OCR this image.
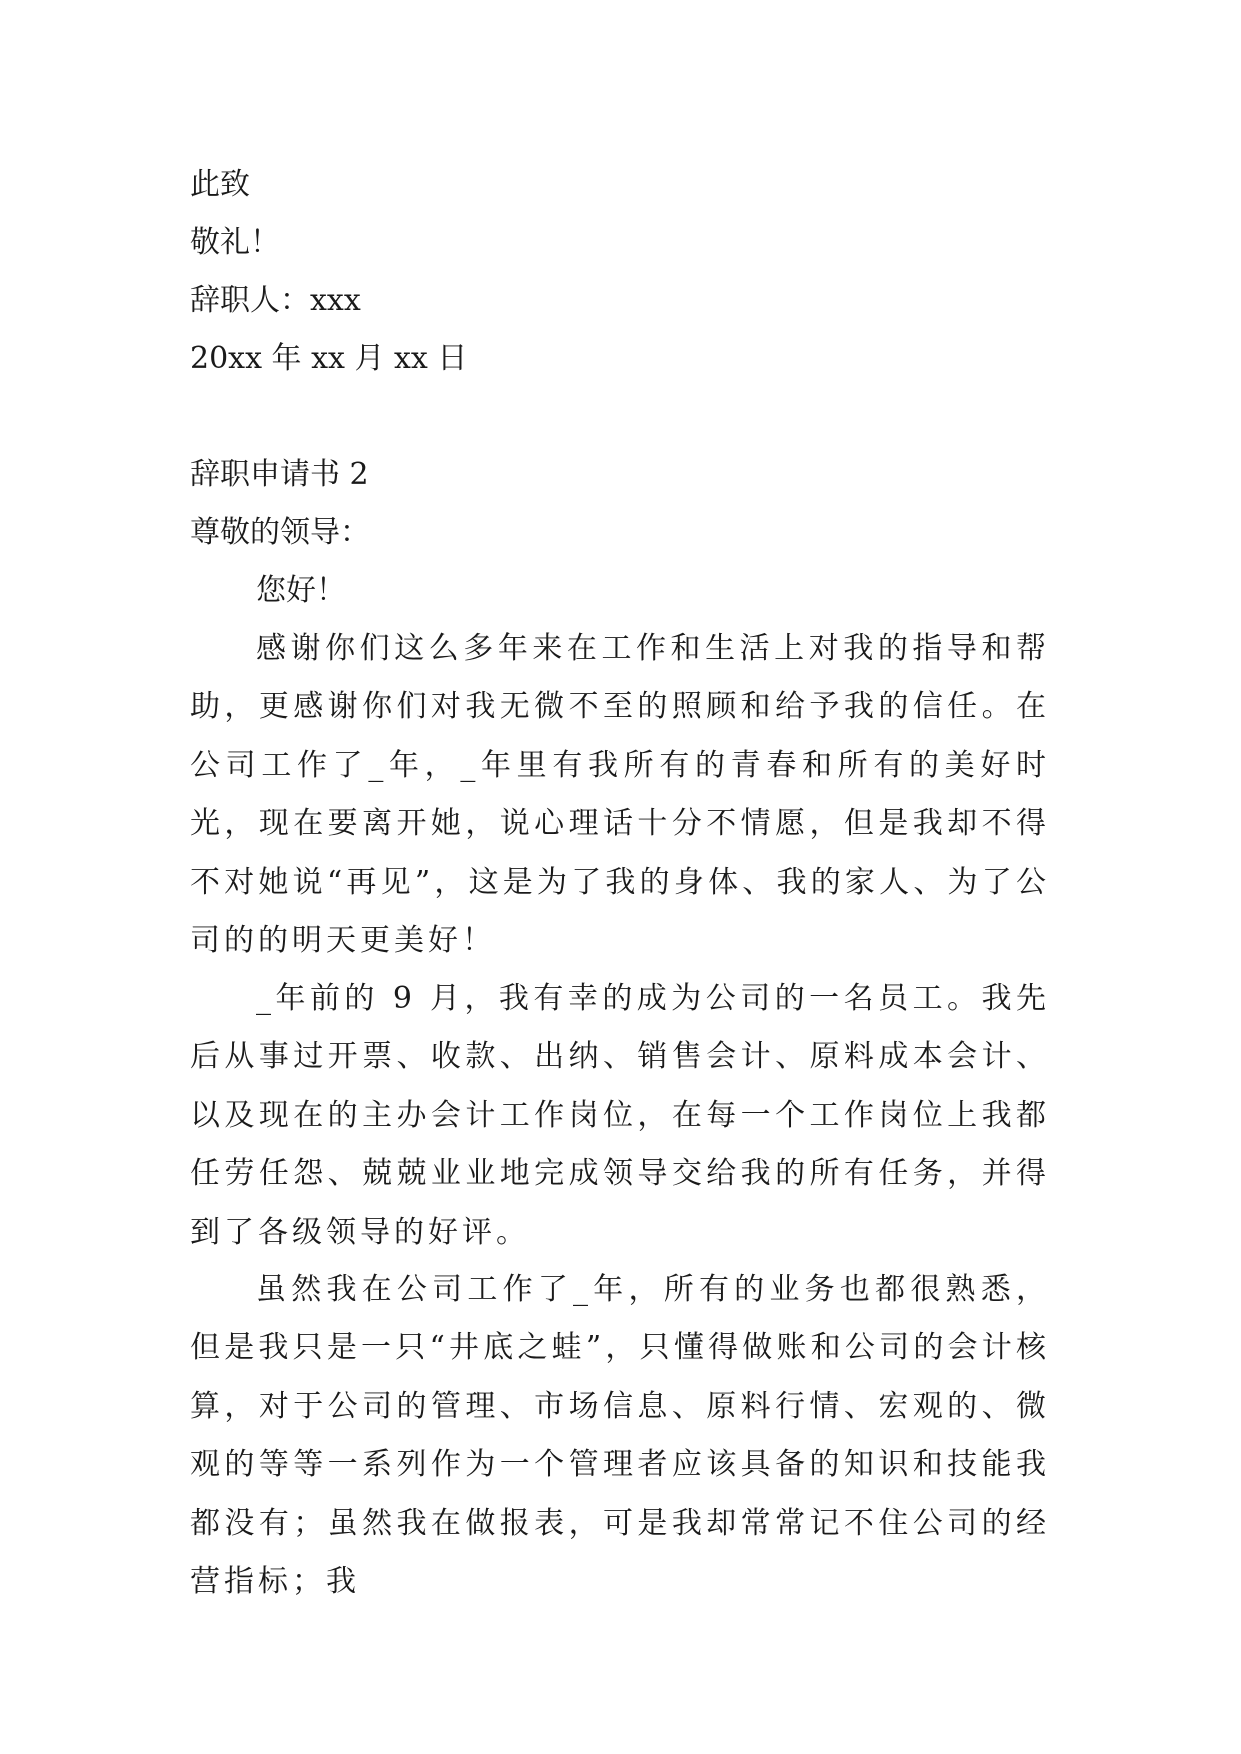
此致
敬礼！
辞职人：xxx
20xx 年 xx 月 xx 日
辞职申请书 2
尊敬的领导：
您好！
感谢你们这么多年来在工作和生活上对我的指导和帮助，更感谢你们对我无微不至的照顾和给予我的信任。在公司工作了_年，_年里有我所有的青春和所有的美好时光，现在要离开她，说心理话十分不情愿，但是我却不得不对她说“再见”，这是为了我的身体、我的家人、为了公司的的明天更美好！
_年前的 9 月，我有幸的成为公司的一名员工。我先后从事过开票、收款、出纳、销售会计、原料成本会计、以及现在的主办会计工作岗位，在每一个工作岗位上我都任劳任怨、兢兢业业地完成领导交给我的所有任务，并得到了各级领导的好评。
虽然我在公司工作了_年，所有的业务也都很熟悉，但是我只是一只“井底之蛙”，只懂得做账和公司的会计核算，对于公司的管理、市场信息、原料行情、宏观的、微观的等等一系列作为一个管理者应该具备的知识和技能我都没有；虽然我在做报表，可是我却常常记不住公司的经营指标；我
